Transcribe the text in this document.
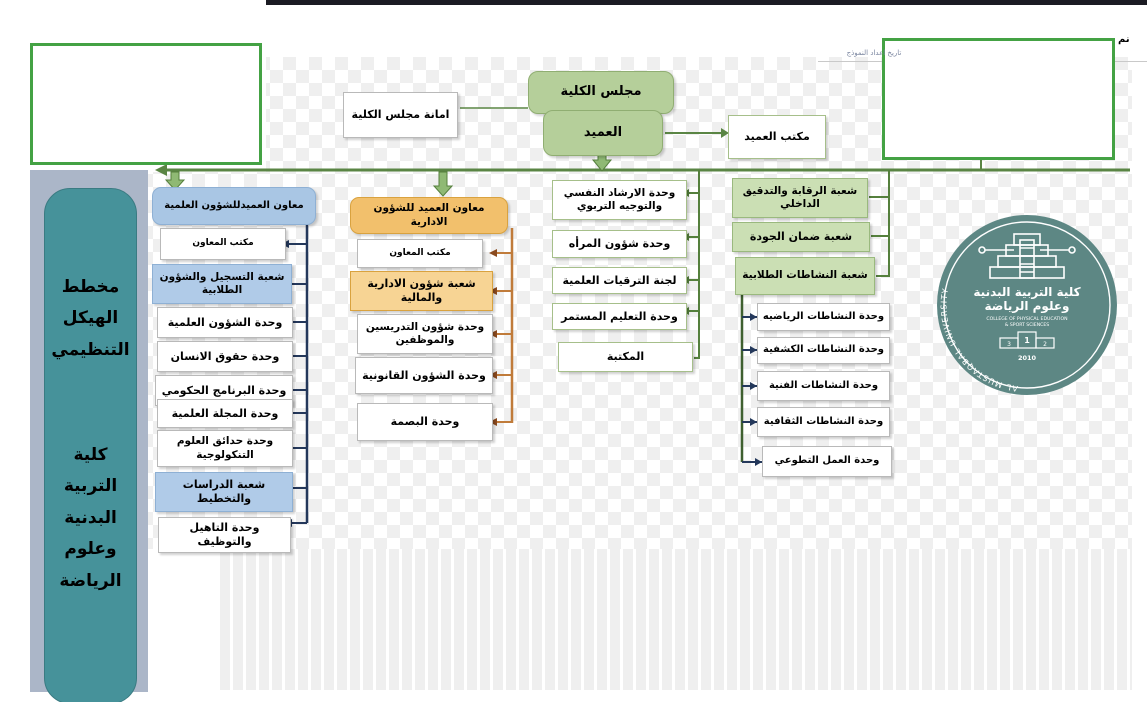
تاريخ اعداد النموذج
نم
امانة مجلس الكلية
مجلس الكلية
العميد	مكتب العميد
مخطط الهيكل التنظيمي
كلية التربية البدنية وعلوم الرياضة
معاون العميدللشؤون العلمية
مكتب المعاون
شعبة التسجيل والشؤون الطلابية
وحدة الشؤون العلمية
وحدة حقوق الانسان
وحدة البرنامج الحكومي
وحدة المجلة العلمية
وحدة حدائق العلوم التنكولوجية
شعبة الدراسات والتخطيط
وحدة التاهيل والتوظيف
معاون العميد للشؤون الادارية
مكتب المعاون
شعبة شؤون الادارية والمالية
وحدة شؤون التدريسين والموظفين
وحدة الشؤون القانونية
وحدة البصمة
وحدة الارشاد النفسي والتوجيه التربوي
وحدة شؤون المرأه
لجنة الترقيات العلمية
وحدة التعليم المستمر
المكتبة
شعبة الرقابة والتدقيق الداخلي
شعبة ضمان الجودة
شعبة النشاطات الطلابية
وحدة النشاطات الرياضيه
وحدة النشاطات الكشفية
وحدة النشاطات الفنية
وحدة النشاطات الثقافية
وحدة العمل التطوعي
كلية التربية البدنية
وعلوم الرياضة
COLLEGE OF PHYSICAL EDUCATION
& SPORT SCIENCES
1
3	2
2010
AL MUSTAQBAL UNIVERSITY
